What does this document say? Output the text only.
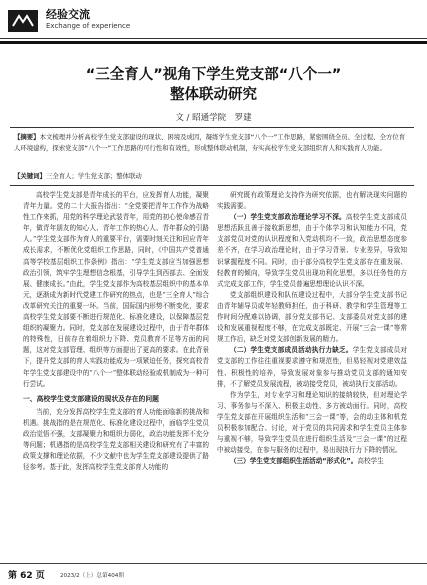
经验交流
Exchange of experience
“三全育人”视角下学生党支部“八个一”
整体联动研究
文 / 昭通学院　罗建
【摘要】本文梳理并分析高校学生党支部建设的现状、困境及成因，凝练学生党支部“八个一”工作思路，紧密围绕全员、全过程、全方位育人环境建构，探索党支部“八个一”工作思路的可行性和有效性，形成整体联动机制，夯实高校学生党支部组织育人和实践育人功能。
【关键词】三全育人；学生党支部；整体联动

高校学生党支部是青年成长的平台，应发挥育人功能，凝聚青年力量。党的二十大报告指出：“全党要把青年工作作为战略性工作来抓，用党的科学理论武装青年，用党的初心使命感召青年，做青年朋友的知心人、青年工作的热心人、青年群众的引路人。”学生党支部作为育人的重要平台，需要时刻关注和回应青年成长需求，不断优化党组织工作思路，同时，《中国共产党普通高等学校基层组织工作条例》指出：“学生党支部应当加强思想政治引领，筑牢学生理想信念根基，引导学生到西部去、全面发展、健康成长。”由此，学生党支部作为高校基层组织中的基本单元，逐渐成为新时代党建工作研究的热点，也是“三全育人”综合改革研究关注的重要一环。当前，国际国内形势不断变化，要求高校学生党支部要不断进行规范化、标准化建设，以保障基层党组织的凝聚力。同时，党支部在发展建设过程中，由于青年群体的特殊性，日前存在着组织力下降、党员教育不足等方面的问题，这对党支部管理、组织等方面提出了更高的要求。在此背景下，提升党支部的育人实践功能成为一项紧迫任务，探究高校青年学生党支部建设中的“八个一”整体联动经验或机制成为一种可行尝试。

一、高校学生党支部建设的现状及存在的问题

当前，充分发挥高校学生党支部的育人功能面临新的挑战和机遇。挑战指的是在规范化、标准化建设过程中，面临学生党员政治觉悟不强，支部凝聚力和组织力弱化，政治功能发挥不充分等问题；机遇指的是高校学生党支部相关建设和研究有了丰富的政策支撑和理论依据，不少文献中也为学生党支部建设提供了路径参考。基于此，发挥高校学生党支部育人功能的

研究既有政策理论支持作为研究依据，也有解决现实问题的实践需要。

（一）学生党支部政治理论学习不深。高校学生党支部成员思想活跃且善于接收新思想，由于个体学习和认知能力不同，党支部党员对党的认识程度和入党动机均不一致，政治思想态度参差不齐，在学习政治理论时，由于学习背景、专业差异，导致知识掌握程度不同。同时，由于部分高校学生党支部存在重发展、轻教育的倾向，导致学生党员出现功利化思想，多以任务性的方式完成支部工作，学生党员普遍思想理论认识不深。

党支部组织建设和队伍建设过程中，大部分学生党支部书记由青年辅导员或年轻教师担任，由于科研、教学和学生管理等工作时间分配难以协调，部分党支部书记、支部委员对党支部的建设和发展重视程度不够，在完成支部既定、开展“三会一课”等常规工作后，缺乏对党支部创新发展的精力。

（二）学生党支部成员活动执行力缺乏。学生党支部成员对党支部的工作往往重视要求遵守和规范性，但易轻视对党建效益性、积极性的培养，导致发展对象参与推动党员支部的通知安排，不了解党员发展流程，被动接受党员，被动执行支部活动。

作为学生，对专业学习和理论知识的接纳较快，但对理论学习、事务参与不深入、积极主动性、多方被动面行。同时，高校学生党支部在开展组织生活和“三会一课”等，会的动主体和机党员积极参加配合、讨论，对于党员的共同需求和学生党员主体参与重视不够，导致学生党员在进行组织生活及“三会一课”的过程中被动接受，在参与服务的过程中，易出现执行力下降的情况。

（三）学生党支部组织生活活动“形式化”。高校学生

第 62 页	2023/2（上）总第404期
